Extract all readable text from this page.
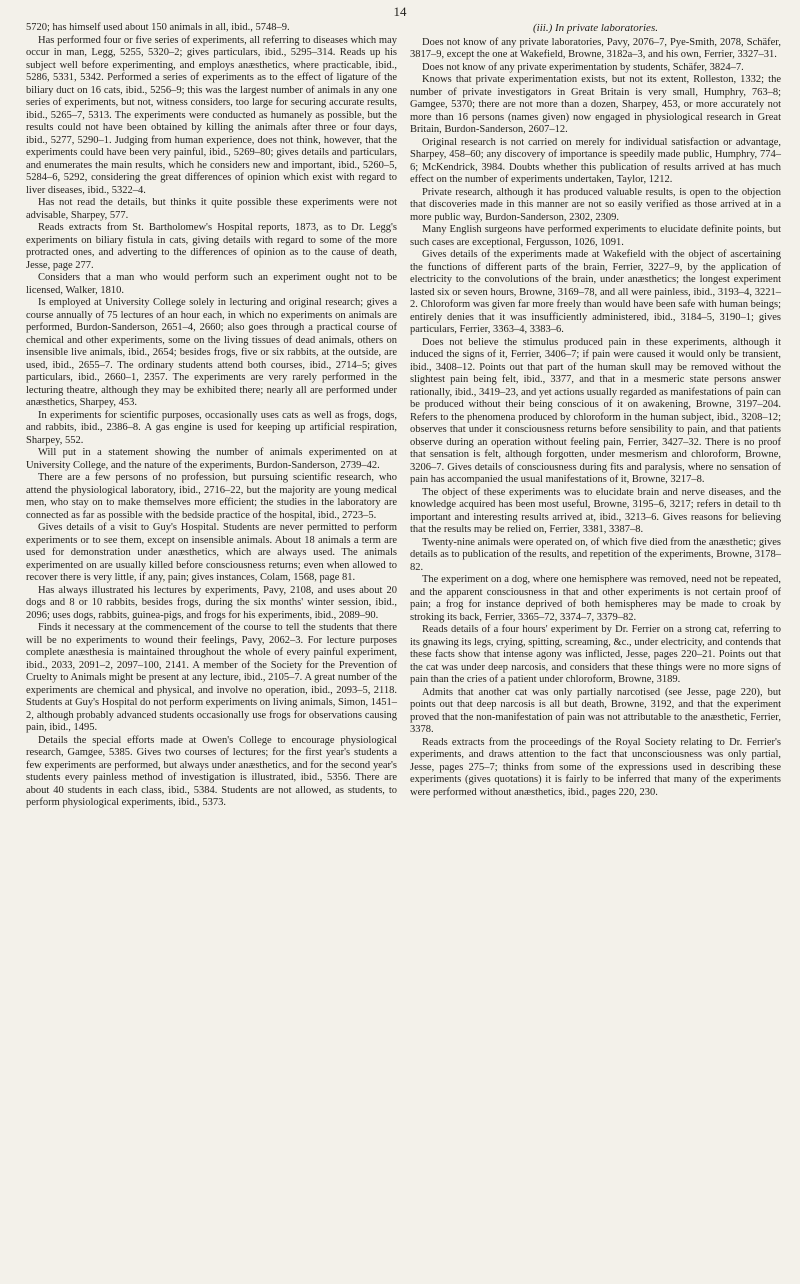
14

5720; has himself used about 150 animals in all, ibid., 5748–9.

Has performed four or five series of experiments, all referring to diseases which may occur in man, Legg, 5255, 5320–2; gives particulars, ibid., 5295–314. Reads up his subject well before experimenting, and employs anæsthetics, where practicable, ibid., 5286, 5331, 5342. Performed a series of experiments as to the effect of ligature of the biliary duct on 16 cats, ibid., 5256–9; this was the largest number of animals in any one series of experiments, but not, witness considers, too large for securing accurate results, ibid., 5265–7, 5313. The experiments were conducted as humanely as possible, but the results could not have been obtained by killing the animals after three or four days, ibid., 5277, 5290–1. Judging from human experience, does not think, however, that the experiments could have been very painful, ibid., 5269–80; gives details and particulars, and enumerates the main results, which he considers new and important, ibid., 5260–5, 5284–6, 5292, considering the great differences of opinion which exist with regard to liver diseases, ibid., 5322–4.

Has not read the details, but thinks it quite possible these experiments were not advisable, Sharpey, 577.

Reads extracts from St. Bartholomew's Hospital reports, 1873, as to Dr. Legg's experiments on biliary fistula in cats, giving details with regard to some of the more protracted ones, and adverting to the differences of opinion as to the cause of death, Jesse, page 277.

Considers that a man who would perform such an experiment ought not to be licensed, Walker, 1810.

Is employed at University College solely in lecturing and original research; gives a course annually of 75 lectures of an hour each, in which no experiments on animals are performed, Burdon-Sanderson, 2651–4, 2660; also goes through a practical course of chemical and other experiments, some on the living tissues of dead animals, others on insensible live animals, ibid., 2654; besides frogs, five or six rabbits, at the outside, are used, ibid., 2655–7. The ordinary students attend both courses, ibid., 2714–5; gives particulars, ibid., 2660–1, 2357. The experiments are very rarely performed in the lecturing theatre, although they may be exhibited there; nearly all are performed under anæsthetics, Sharpey, 453.

In experiments for scientific purposes, occasionally uses cats as well as frogs, dogs, and rabbits, ibid., 2386–8. A gas engine is used for keeping up artificial respiration, Sharpey, 552.

Will put in a statement showing the number of animals experimented on at University College, and the nature of the experiments, Burdon-Sanderson, 2739–42.

There are a few persons of no profession, but pursuing scientific research, who attend the physiological laboratory, ibid., 2716–22, but the majority are young medical men, who stay on to make themselves more efficient; the studies in the laboratory are connected as far as possible with the bedside practice of the hospital, ibid., 2723–5.

Gives details of a visit to Guy's Hospital. Students are never permitted to perform experiments or to see them, except on insensible animals. About 18 animals a term are used for demonstration under anæsthetics, which are always used. The animals experimented on are usually killed before consciousness returns; even when allowed to recover there is very little, if any, pain; gives instances, Colam, 1568, page 81.

Has always illustrated his lectures by experiments, Pavy, 2108, and uses about 20 dogs and 8 or 10 rabbits, besides frogs, during the six months' winter session, ibid., 2096; uses dogs, rabbits, guinea-pigs, and frogs for his experiments, ibid., 2089–90.

Finds it necessary at the commencement of the course to tell the students that there will be no experiments to wound their feelings, Pavy, 2062–3. For lecture purposes complete anæsthesia is maintained throughout the whole of every painful experiment, ibid., 2033, 2091–2, 2097–100, 2141. A member of the Society for the Prevention of Cruelty to Animals might be present at any lecture, ibid., 2105–7. A great number of the experiments are chemical and physical, and involve no operation, ibid., 2093–5, 2118. Students at Guy's Hospital do not perform experiments on living animals, Simon, 1451–2, although probably advanced students occasionally use frogs for observations causing pain, ibid., 1495.

Details the special efforts made at Owen's College to encourage physiological research, Gamgee, 5385. Gives two courses of lectures; for the first year's students a few experiments are performed, but always under anæsthetics, and for the second year's students every painless method of investigation is illustrated, ibid., 5356. There are about 40 students in each class, ibid., 5384. Students are not allowed, as students, to perform physiological experiments, ibid., 5373.

(iii.) In private laboratories.

Does not know of any private laboratories, Pavy, 2076–7, Pye-Smith, 2078, Schäfer, 3817–9, except the one at Wakefield, Browne, 3182a–3, and his own, Ferrier, 3327–31.

Does not know of any private experimentation by students, Schäfer, 3824–7.

Knows that private experimentation exists, but not its extent, Rolleston, 1332; the number of private investigators in Great Britain is very small, Humphry, 763–8; Gamgee, 5370; there are not more than a dozen, Sharpey, 453, or more accurately not more than 16 persons (names given) now engaged in physiological research in Great Britain, Burdon-Sanderson, 2607–12.

Original research is not carried on merely for individual satisfaction or advantage, Sharpey, 458–60; any discovery of importance is speedily made public, Humphry, 774–6; McKendrick, 3984. Doubts whether this publication of results arrived at has much effect on the number of experiments undertaken, Taylor, 1212.

Private research, although it has produced valuable results, is open to the objection that discoveries made in this manner are not so easily verified as those arrived at in a more public way, Burdon-Sanderson, 2302, 2309.

Many English surgeons have performed experiments to elucidate definite points, but such cases are exceptional, Fergusson, 1026, 1091.

Gives details of the experiments made at Wakefield with the object of ascertaining the functions of different parts of the brain, Ferrier, 3227–9, by the application of electricity to the convolutions of the brain, under anæsthetics; the longest experiment lasted six or seven hours, Browne, 3169–78, and all were painless, ibid., 3193–4, 3221–2. Chloroform was given far more freely than would have been safe with human beings; entirely denies that it was insufficiently administered, ibid., 3184–5, 3190–1; gives particulars, Ferrier, 3363–4, 3383–6.

Does not believe the stimulus produced pain in these experiments, although it induced the signs of it, Ferrier, 3406–7; if pain were caused it would only be transient, ibid., 3408–12. Points out that part of the human skull may be removed without the slightest pain being felt, ibid., 3377, and that in a mesmeric state persons answer rationally, ibid., 3419–23, and yet actions usually regarded as manifestations of pain can be produced without their being conscious of it on awakening, Browne, 3197–204. Refers to the phenomena produced by chloroform in the human subject, ibid., 3208–12; observes that under it consciousness returns before sensibility to pain, and that patients observe during an operation without feeling pain, Ferrier, 3427–32. There is no proof that sensation is felt, although forgotten, under mesmerism and chloroform, Browne, 3206–7. Gives details of consciousness during fits and paralysis, where no sensation of pain has accompanied the usual manifestations of it, Browne, 3217–8.

The object of these experiments was to elucidate brain and nerve diseases, and the knowledge acquired has been most useful, Browne, 3195–6, 3217; refers in detail to th important and interesting results arrived at, ibid., 3213–6. Gives reasons for believing that the results may be relied on, Ferrier, 3381, 3387–8.

Twenty-nine animals were operated on, of which five died from the anæsthetic; gives details as to publication of the results, and repetition of the experiments, Browne, 3178–82.

The experiment on a dog, where one hemisphere was removed, need not be repeated, and the apparent consciousness in that and other experiments is not certain proof of pain; a frog for instance deprived of both hemispheres may be made to croak by stroking its back, Ferrier, 3365–72, 3374–7, 3379–82.

Reads details of a four hours' experiment by Dr. Ferrier on a strong cat, referring to its gnawing its legs, crying, spitting, screaming, &c., under electricity, and contends that these facts show that intense agony was inflicted, Jesse, pages 220–21. Points out that the cat was under deep narcosis, and considers that these things were no more signs of pain than the cries of a patient under chloroform, Browne, 3189.

Admits that another cat was only partially narcotised (see Jesse, page 220), but points out that deep narcosis is all but death, Browne, 3192, and that the experiment proved that the non-manifestation of pain was not attributable to the anæsthetic, Ferrier, 3378.

Reads extracts from the proceedings of the Royal Society relating to Dr. Ferrier's experiments, and draws attention to the fact that unconsciousness was only partial, Jesse, pages 275–7; thinks from some of the expressions used in describing these experiments (gives quotations) it is fairly to be inferred that many of the experiments were performed without anæsthetics, ibid., pages 220, 230.
